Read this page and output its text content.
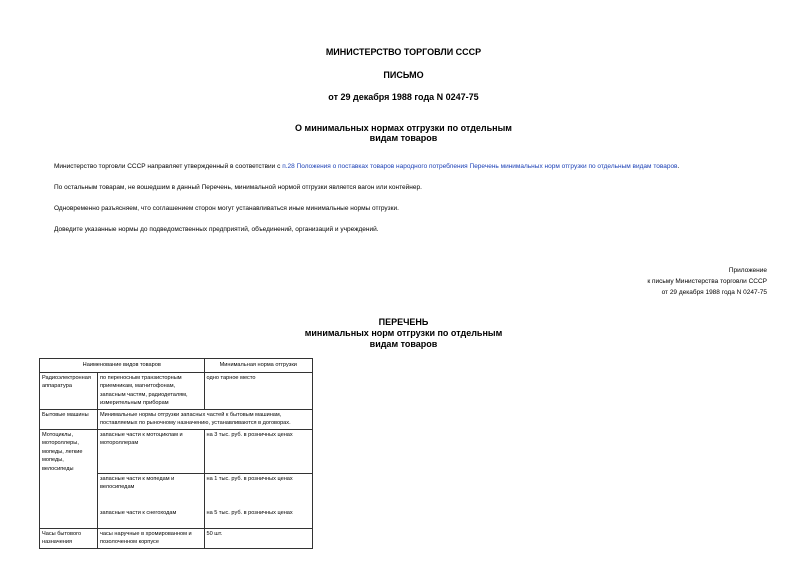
МИНИСТЕРСТВО ТОРГОВЛИ СССР
ПИСЬМО
от 29 декабря 1988 года N 0247-75
О минимальных нормах отгрузки по отдельным
видам товаров
Министерство торговли СССР направляет утвержденный в соответствии с п.28 Положения о поставках товаров народного потребления Перечень минимальных норм отгрузки по отдельным видам товаров.
По остальным товарам, не вошедшим в данный Перечень, минимальной нормой отгрузки является вагон или контейнер.
Одновременно разъясняем, что соглашением сторон могут устанавливаться иные минимальные нормы отгрузки.
Доведите указанные нормы до подведомственных предприятий, объединений, организаций и учреждений.
Приложение
к письму Министерства торговли СССР
от 29 декабря 1988 года N 0247-75
ПЕРЕЧЕНЬ
минимальных норм отгрузки по отдельным
видам товаров
Наименование видов товаров		Минимальная норма отгрузки
Радиоэлектронная аппаратура	по переносным транзисторным приемникам, магнитофонам, запасным частям, радиодеталям, измерительным приборам	одно тарное место
Бытовые машины	Минимальные нормы отгрузки запасных частей к бытовым машинам, поставляемых по рыночному назначению, устанавливаются в договорах.	
Мотоциклы, мотороллеры, мопеды, легкие мопеды, велосипеды	запасные части к мотоциклам и мотороллерам	на 3 тыс. руб. в розничных ценах
	запасные части к мопедам и велосипедам	на 1 тыс. руб. в розничных ценах
	запасные части к снегоходам	на 5 тыс. руб. в розничных ценах
Часы бытового назначения	часы наручные в хромированном и позолоченном корпусе	50 шт.
